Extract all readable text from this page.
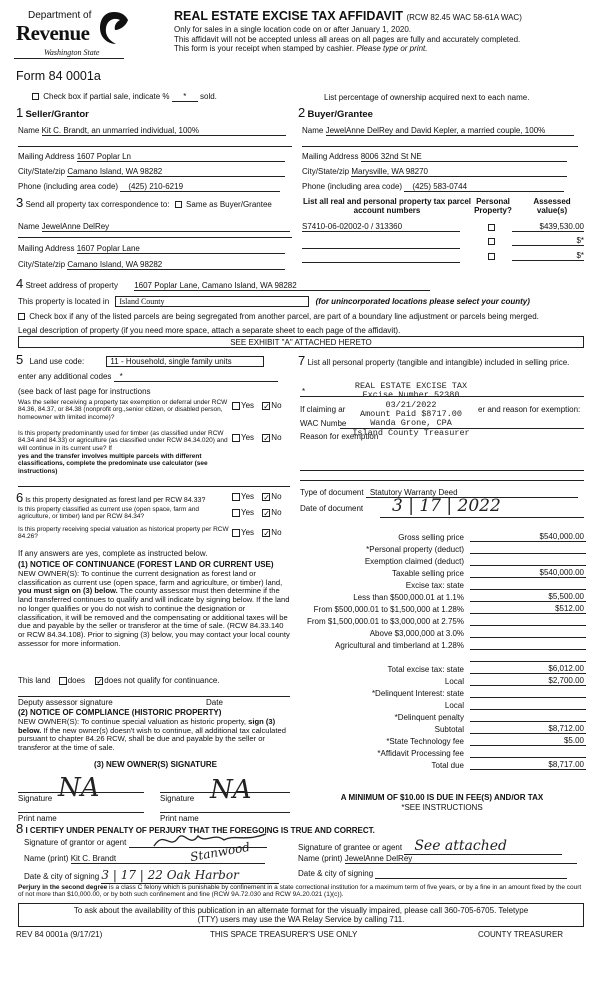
Department of
Revenue
Washington State
Form 84 0001a
REAL ESTATE EXCISE TAX AFFIDAVIT (RCW 82.45 WAC 58-61A WAC)
Only for sales in a single location code on or after January 1, 2020.
This affidavit will not be accepted unless all areas on all pages are fully and accurately completed.
This form is your receipt when stamped by cashier. Please type or print.
Check box if partial sale, indicate % * sold.	List percentage of ownership acquired next to each name.
1 Seller/Grantor
Name Kit C. Brandt, an unmarried individual, 100%
Mailing Address 1607 Poplar Ln
City/State/zip Camano Island, WA 98282
Phone (including area code) (425) 210-6219
2 Buyer/Grantee
Name JewelAnne DelRey and David Kepler, a married couple, 100%
Mailing Address 8006 32nd St NE
City/State/zip Marysville, WA 98270
Phone (including area code) (425) 583-0744
3 Send all property tax correspondence to: Same as Buyer/Grantee
Name JewelAnne DelRey
Mailing Address 1607 Poplar Lane
City/State/zip Camano Island, WA 98282
List all real and personal property tax parcel account numbers
Personal Property?
Assessed value(s)
S7410-06-02002-0 / 313360	$439,530.00
$*
$*
4 Street address of property 1607 Poplar Lane, Camano Island, WA 98282
This property is located in Island County	(for unincorporated locations please select your county)
Check box if any of the listed parcels are being segregated from another parcel, are part of a boundary line adjustment or parcels being merged.
Legal description of property (if you need more space, attach a separate sheet to each page of the affidavit).
SEE EXHIBIT "A" ATTACHED HERETO
5 Land use code:	11 - Household, single family units
enter any additional codes *
(see back of last page for instructions
Was the seller receiving a property tax exemption or deferral under RCW 84.36, 84.37, or 84.38 (nonprofit org.,senior citizen, or disabled person, homeowner with limited income)?
Yes ✓No
Is this property predominantly used for timber (as classified under RCW 84.34 and 84.33) or agriculture (as classified under RCW 84.34.020) and will continue in its current use? If
yes and the transfer involves multiple parcels with different classifications, complete the predominate use calculator (see instructions)
Yes ✓No
6 Is this property designated as forest land per RCW 84.33?	Yes ✓No
Is this property classified as current use (open space, farm and agriculture, or timber) land per RCW 84.34?	Yes ✓No
Is this property receiving special valuation as historical property per RCW 84.26?	Yes ✓No
If any answers are yes, complete as instructed below.
(1) NOTICE OF CONTINUANCE (FOREST LAND OR CURRENT USE)
NEW OWNER(S): To continue the current designation as forest land or classification as current use (open space, farm and agriculture, or timber) land, you must sign on (3) below. The county assessor must then determine if the land transferred continues to qualify and will indicate by signing below. If the land no longer qualifies or you do not wish to continue the designation or classification, it will be removed and the compensating or additional taxes will be due and payable by the seller or transferor at the time of sale. (RCW 84.33.140 or RCW 84.34.108). Prior to signing (3) below, you may contact your local county assessor for more information.
This land does ✓does not qualify for continuance.
Deputy assessor signature	Date
(2) NOTICE OF COMPLIANCE (HISTORIC PROPERTY)
NEW OWNER(S): To continue special valuation as historic property, sign (3) below. If the new owner(s) doesn't wish to continue, all additional tax calculated pursuant to chapter 84.26 RCW, shall be due and payable by the seller or transferor at the time of sale.
(3) NEW OWNER(S) SIGNATURE
Signature	Signature
Print name	Print name
NA	NA
7 List all personal property (tangible and intangible) included in selling price.
*
If claiming ar	er and reason for exemption:
WAC Numbe
Reason for exemption
REAL ESTATE EXCISE TAX
Excise Number 52380
03/21/2022
Amount Paid $8717.00
Wanda Grone, CPA
Island County Treasurer
Type of document Statutory Warranty Deed
Date of document	3 | 17 | 2022
Gross selling price	$540,000.00
*Personal property (deduct)
Exemption claimed (deduct)
Taxable selling price	$540,000.00
Excise tax: state
Less than $500,000.01 at 1.1%	$5,500.00
From $500,000.01 to $1,500,000 at 1.28%	$512.00
From $1,500,000.01 to $3,000,000 at 2.75%
Above $3,000,000 at 3.0%
Agricultural and timberland at 1.28%
Total excise tax: state	$6,012.00
Local	$2,700.00
*Delinquent Interest: state
Local
*Delinquent penalty
Subtotal	$8,712.00
*State Technology fee	$5.00
*Affidavit Processing fee
Total due	$8,717.00
A MINIMUM OF $10.00 IS DUE IN FEE(S) AND/OR TAX
*SEE INSTRUCTIONS
8 I CERTIFY UNDER PENALTY OF PERJURY THAT THE FOREGOING IS TRUE AND CORRECT.
Signature of grantor or agent
Signature of grantee or agent See attached
Name (print) Kit C. Brandt	Stanwood	Name (print) JewelAnne DelRey
Date & city of signing 3 | 17 | 22 Oak Harbor	Date & city of signing
Perjury in the second degree is a class C felony which is punishable by confinement in a state correctional institution for a maximum term of five years, or by a fine in an amount fixed by the court of not more than $10,000.00, or by both such confinement and fine (RCW 9A.72.030 and RCW 9A.20.021 (1)(c)).
To ask about the availability of this publication in an alternate format for the visually impaired, please call 360-705-6705. Teletype
(TTY) users may use the WA Relay Service by calling 711.
REV 84 0001a (9/17/21)	THIS SPACE TREASURER'S USE ONLY	COUNTY TREASURER
